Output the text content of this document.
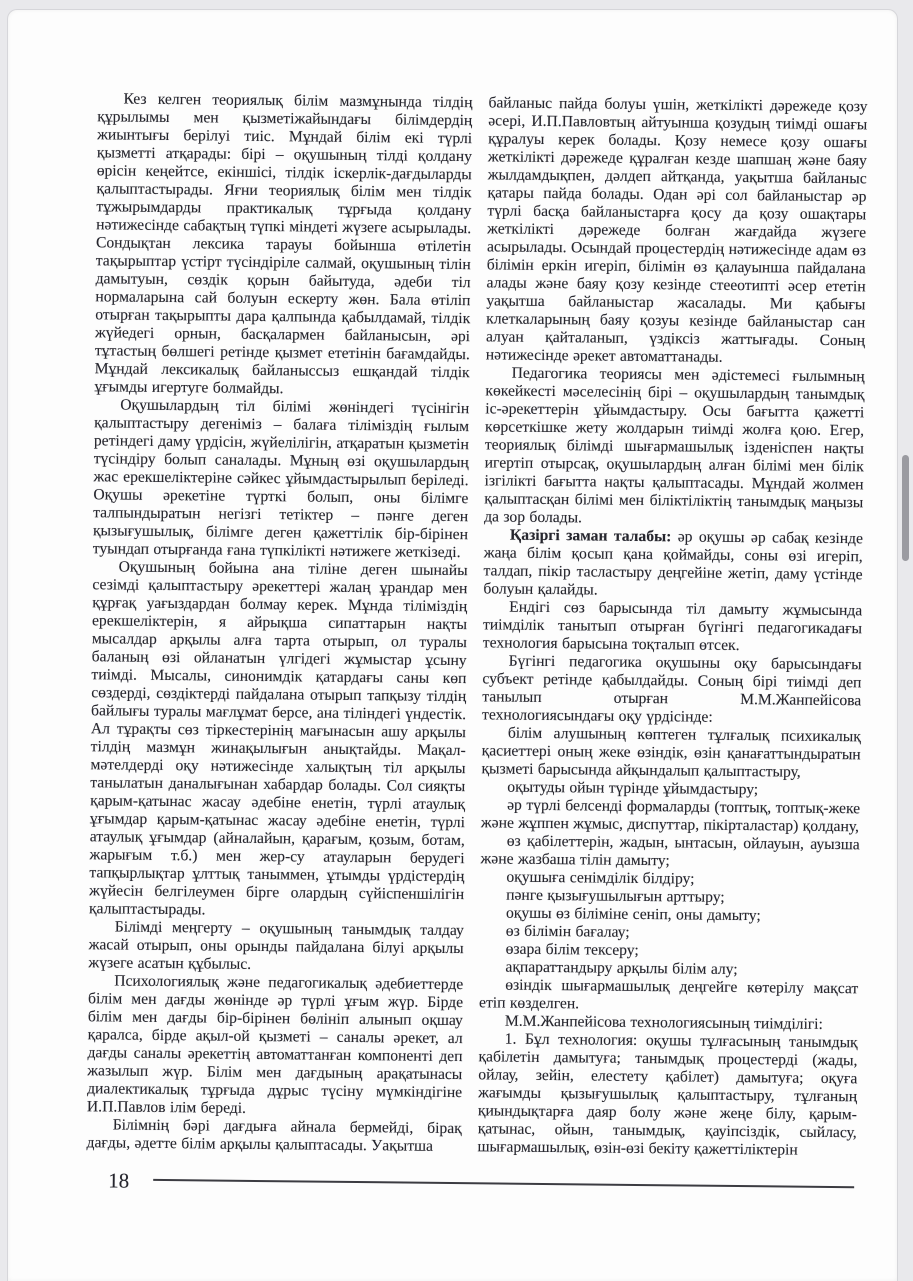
Кез келген теориялық білім мазмұнында тілдің құрылымы мен қызметіжайындағы білімдердің жиынтығы берілуі тиіс. Мұндай білім екі түрлі қызметті атқарады: бірі – оқушының тілді қолдану өрісін кеңейтсе, екіншісі, тілдік іскерлік-дағдыларды қалыптастырады. Яғни теориялық білім мен тілдік тұжырымдарды практикалық тұрғыда қолдану нәтижесінде сабақтың түпкі міндеті жүзеге асырылады. Сондықтан лексика тарауы бойынша өтілетін тақырыптар үстірт түсіндіріле салмай, оқушының тілін дамытуын, сөздік қорын байытуда, әдеби тіл нормаларына сай болуын ескерту жөн. Бала өтіліп отырған тақырыпты дара қалпында қабылдамай, тілдік жүйедегі орнын, басқалармен байланысын, әрі тұтастың бөлшегі ретінде қызмет ететінін бағамдайды. Мұндай лексикалық байланыссыз ешқандай тілдік ұғымды игертуге болмайды.

Оқушылардың тіл білімі жөніндегі түсінігін қалыптастыру дегеніміз – балаға тіліміздің ғылым ретіндегі даму үрдісін, жүйелілігін, атқаратын қызметін түсіндіру болып саналады. Мұның өзі оқушылардың жас ерекшеліктеріне сәйкес ұйымдастырылып беріледі. Оқушы әрекетіне түрткі болып, оны білімге талпындыратын негізгі тетіктер – пәнге деген қызығушылық, білімге деген қажеттілік бір-бірінен туындап отырғанда ғана түпкілікті нәтижеге жеткізеді.

Оқушының бойына ана тіліне деген шынайы сезімді қалыптастыру әрекеттері жалаң ұрандар мен құрғақ уағыздардан болмау керек. Мұнда тіліміздің ерекшеліктерін, я айрықша сипаттарын нақты мысалдар арқылы алға тарта отырып, ол туралы баланың өзі ойланатын үлгідегі жұмыстар ұсыну тиімді. Мысалы, синонимдік қатардағы саны көп сөздерді, сөздіктерді пайдалана отырып тапқызу тілдің байлығы туралы мағлұмат берсе, ана тіліндегі үндестік. Ал тұрақты сөз тіркестерінің мағынасын ашу арқылы тілдің мазмұн жинақылығын анықтайды. Мақал-мәтелдерді оқу нәтижесінде халықтың тіл арқылы танылатын даналығынан хабардар болады. Сол сияқты қарым-қатынас жасау әдебіне енетін, түрлі атаулық ұғымдар қарым-қатынас жасау әдебіне енетін, түрлі атаулық ұғымдар (айналайын, қарағым, қозым, ботам, жарығым т.б.) мен жер-су атауларын берудегі тапқырлықтар ұлттық таныммен, ұтымды үрдістердің жүйесін белгілеумен бірге олардың сүйіспеншілігін қалыптастырады.

Білімді меңгерту – оқушының танымдық талдау жасай отырып, оны орынды пайдалана білуі арқылы жүзеге асатын құбылыс.

Психологиялық және педагогикалық әдебиеттерде білім мен дағды жөнінде әр түрлі ұғым жүр. Бірде білім мен дағды бір-бірінен бөлініп алынып оқшау қаралса, бірде ақыл-ой қызметі – саналы әрекет, ал дағды саналы әрекеттің автоматтанған компоненті деп жазылып жүр. Білім мен дағдының арақатынасы диалектикалық тұрғыда дұрыс түсіну мүмкіндігіне И.П.Павлов ілім береді.

Білімнің бәрі дағдыға айнала бермейді, бірақ дағды, әдетте білім арқылы қалыптасады. Уақытша

байланыс пайда болуы үшін, жеткілікті дәрежеде қозу әсері, И.П.Павловтың айтуынша қозудың тиімді ошағы құралуы керек болады. Қозу немесе қозу ошағы жеткілікті дәрежеде құралған кезде шапшаң және баяу жылдамдықпен, дәлдеп айтқанда, уақытша байланыс қатары пайда болады. Одан әрі сол байланыстар әр түрлі басқа байланыстарға қосу да қозу ошақтары жеткілікті дәрежеде болған жағдайда жүзеге асырылады. Осындай процестердің нәтижесінде адам өз білімін еркін игеріп, білімін өз қалауынша пайдалана алады және баяу қозу кезінде стееотипті әсер ететін уақытша байланыстар жасалады. Ми қабығы клеткаларының баяу қозуы кезінде байланыстар сан алуан қайталанып, үздіксіз жаттығады. Соның нәтижесінде әрекет автоматтанады.

Педагогика теориясы мен әдістемесі ғылымның көкейкесті мәселесінің бірі – оқушылардың танымдық іс-әрекеттерін ұйымдастыру. Осы бағытта қажетті көрсеткішке жету жолдарын тиімді жолға қою. Егер, теориялық білімді шығармашылық ізденіспен нақты игертіп отырсақ, оқушылардың алған білімі мен білік ізгілікті бағытта нақты қалыптасады. Мұндай жолмен қалыптасқан білімі мен біліктіліктің танымдық маңызы да зор болады.

Қазіргі заман талабы: әр оқушы әр сабақ кезінде жаңа білім қосып қана қоймайды, соны өзі игеріп, талдап, пікір тасластыру деңгейіне жетіп, даму үстінде болуын қалайды.

Ендігі сөз барысында тіл дамыту жұмысында тиімділік танытып отырған бүгінгі педагогикадағы технология барысына тоқталып өтсек.

Бүгінгі педагогика оқушыны оқу барысындағы субъект ретінде қабылдайды. Соның бірі тиімді деп танылып отырған М.М.Жанпейісова технологиясындағы оқу үрдісінде:

білім алушының көптеген тұлғалық психикалық қасиеттері оның жеке өзіндік, өзін қанағаттындыратын қызметі барысында айқындалып қалыптастыру,

оқытуды ойын түрінде ұйымдастыру;

әр түрлі белсенді формаларды (топтық, топтық-жеке және жұппен жұмыс, диспуттар, пікірталастар) қолдану,

өз қабілеттерін, жадын, ынтасын, ойлауын, ауызша және жазбаша тілін дамыту;

оқушыға сенімділік білдіру;

пәнге қызығушылығын арттыру;

оқушы өз біліміне сеніп, оны дамыту;

өз білімін бағалау;

өзара білім тексеру;

ақпараттандыру арқылы білім алу;

өзіндік шығармашылық деңгейге көтерілу мақсат етіп көзделген.

М.М.Жанпейісова технологиясының тиімділігі:

1. Бұл технология: оқушы тұлғасының танымдық қабілетін дамытуға; танымдық процестерді (жады, ойлау, зейін, елестету қабілет) дамытуға; оқуға жағымды қызығушылық қалыптастыру, тұлғаның қиындықтарға даяр болу және жеңе білу, қарым-қатынас, ойын, танымдық, қауіпсіздік, сыйласу, шығармашылық, өзін-өзі бекіту қажеттіліктерін

18
